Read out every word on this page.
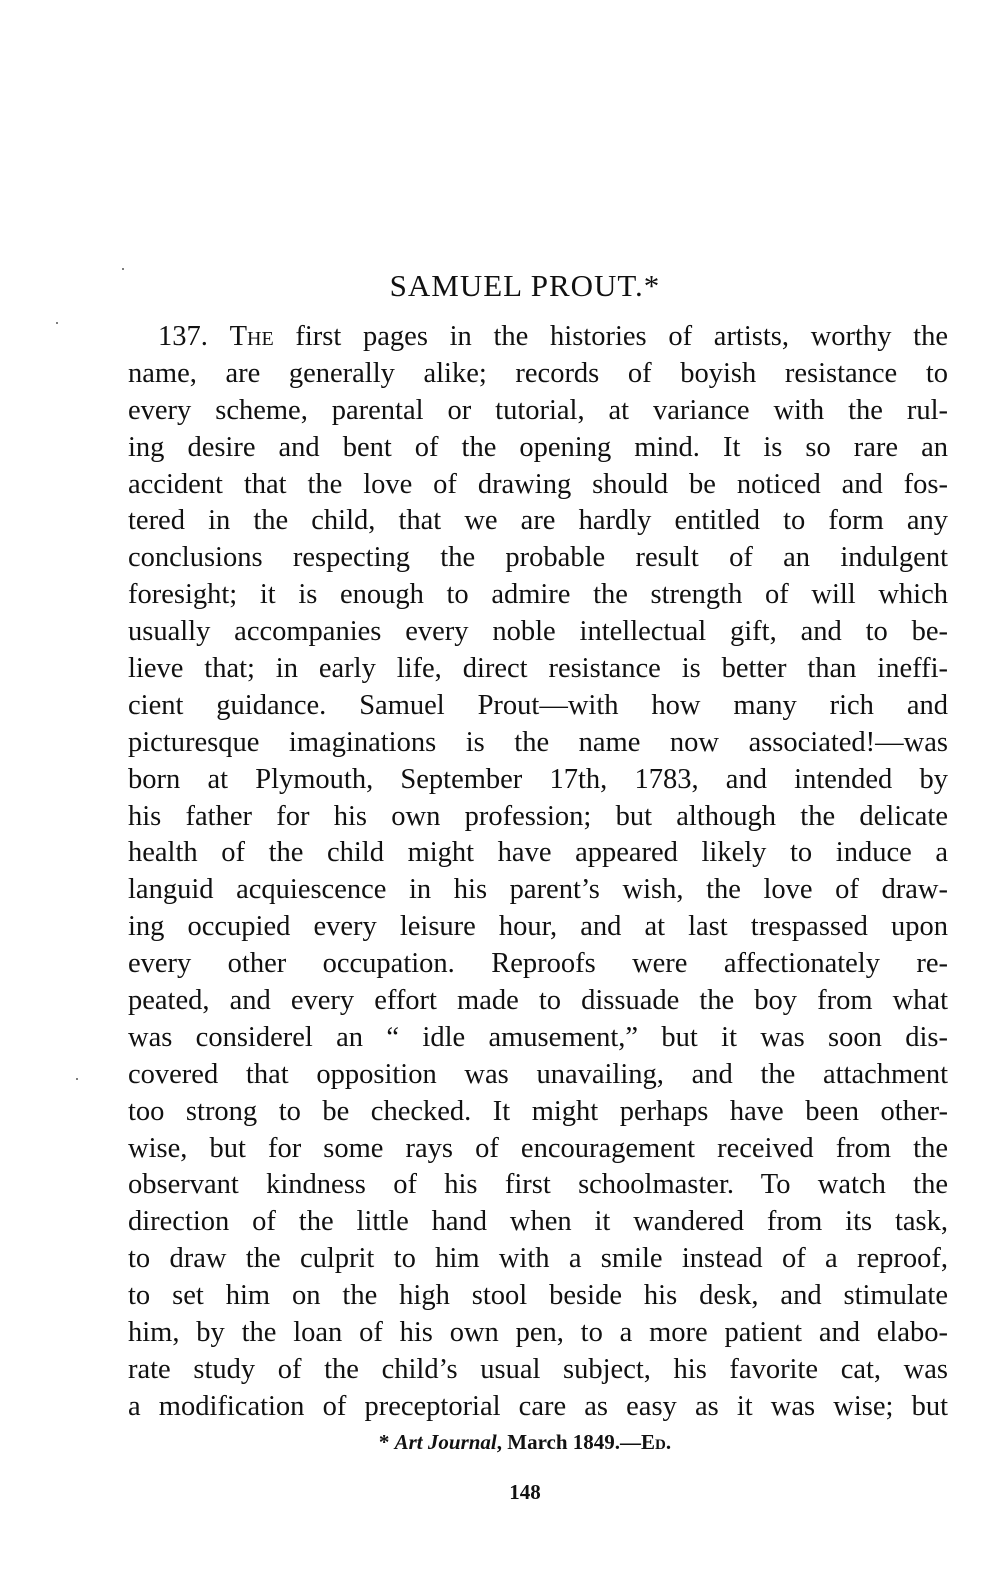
SAMUEL PROUT.*
137. The first pages in the histories of artists, worthy the
name, are generally alike; records of boyish resistance to
every scheme, parental or tutorial, at variance with the rul-
ing desire and bent of the opening mind. It is so rare an
accident that the love of drawing should be noticed and fos-
tered in the child, that we are hardly entitled to form any
conclusions respecting the probable result of an indulgent
foresight; it is enough to admire the strength of will which
usually accompanies every noble intellectual gift, and to be-
lieve that; in early life, direct resistance is better than ineffi-
cient guidance. Samuel Prout—with how many rich and
picturesque imaginations is the name now associated!—was
born at Plymouth, September 17th, 1783, and intended by
his father for his own profession; but although the delicate
health of the child might have appeared likely to induce a
languid acquiescence in his parent’s wish, the love of draw-
ing occupied every leisure hour, and at last trespassed upon
every other occupation. Reproofs were affectionately re-
peated, and every effort made to dissuade the boy from what
was considerel an “ idle amusement,” but it was soon dis-
covered that opposition was unavailing, and the attachment
too strong to be checked. It might perhaps have been other-
wise, but for some rays of encouragement received from the
observant kindness of his first schoolmaster. To watch the
direction of the little hand when it wandered from its task,
to draw the culprit to him with a smile instead of a reproof,
to set him on the high stool beside his desk, and stimulate
him, by the loan of his own pen, to a more patient and elabo-
rate study of the child’s usual subject, his favorite cat, was
a modification of preceptorial care as easy as it was wise; but
* Art Journal, March 1849.—Ed.
148
